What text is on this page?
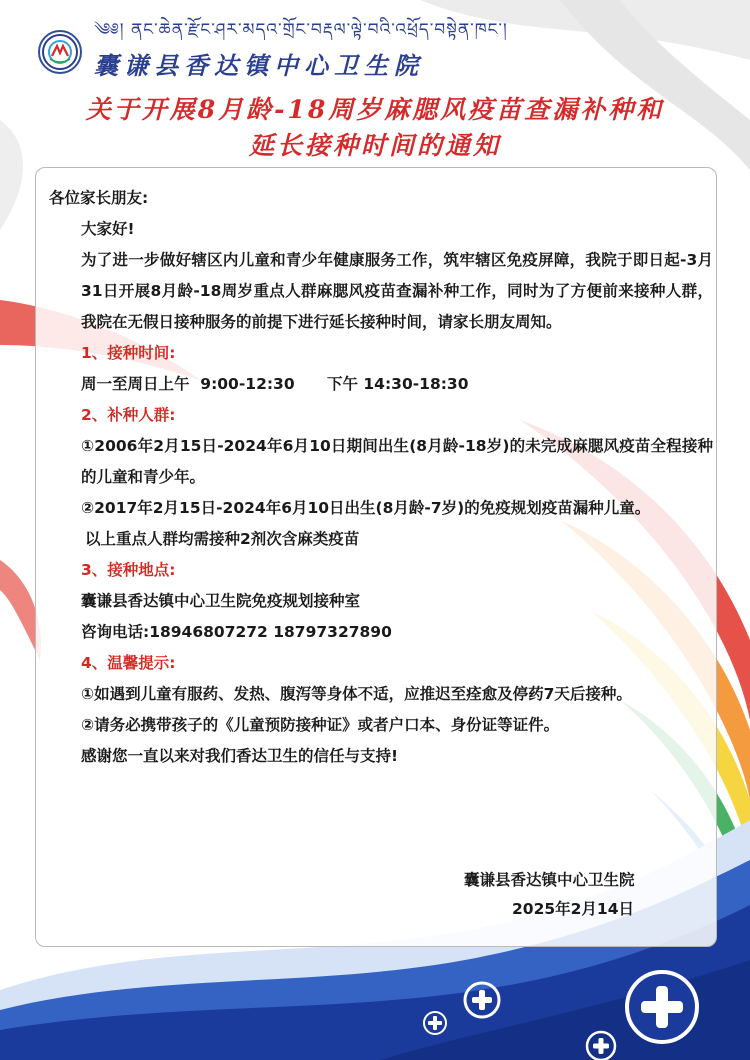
༄༅། ནང་ཆེན་རྫོང་ཤར་མདའ་གྲོང་བརྡལ་ལྟེ་བའི་འཕྲོད་བསྟེན་ཁང་།
囊谦县香达镇中心卫生院
关于开展8月龄-18周岁麻腮风疫苗查漏补种和
延长接种时间的通知

各位家长朋友:

大家好!

为了进一步做好辖区内儿童和青少年健康服务工作，筑牢辖区免疫屏障，我院于即日起-3月31日开展8月龄-18周岁重点人群麻腮风疫苗查漏补种工作，同时为了方便前来接种人群，我院在无假日接种服务的前提下进行延长接种时间，请家长朋友周知。

1、接种时间:

周一至周日上午  9:00-12:30      下午 14:30-18:30

2、补种人群:

①2006年2月15日-2024年6月10日期间出生(8月龄-18岁)的未完成麻腮风疫苗全程接种的儿童和青少年。

②2017年2月15日-2024年6月10日出生(8月龄-7岁)的免疫规划疫苗漏种儿童。

以上重点人群均需接种2剂次含麻类疫苗

3、接种地点:

囊谦县香达镇中心卫生院免疫规划接种室

咨询电话:18946807272 18797327890

4、温馨提示:

①如遇到儿童有服药、发热、腹泻等身体不适，应推迟至痊愈及停药7天后接种。

②请务必携带孩子的《儿童预防接种证》或者户口本、身份证等证件。

感谢您一直以来对我们香达卫生的信任与支持!

囊谦县香达镇中心卫生院
2025年2月14日
